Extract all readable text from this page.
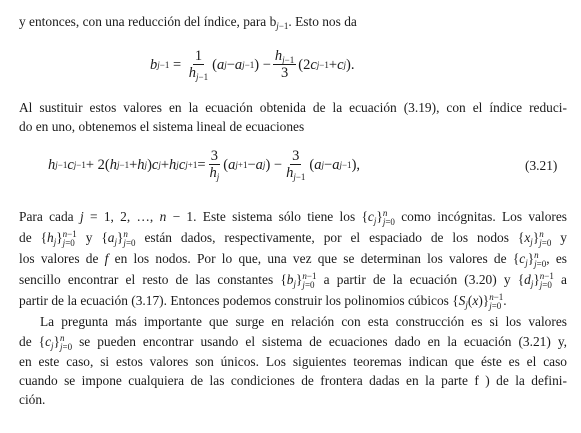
y entonces, con una reducción del índice, para $b_{j-1}$. Esto nos da
b $j-1 = \frac{1}{h_{j-1}}$ ( a j − a j−1 ) − $\frac{h_{j-1}}{3} (2$ c j−1 + c j ).
Al sustituir estos valores en la ecuación obtenida de la ecuación (3.19), con el índice reduci-
do en uno, obtenemos el sistema lineal de ecuaciones
h j−1 c j−1 + 2( h j−1 + h j ) c j + h j c $j+1 = \frac{3}{h_j}$ ( a j+1 − a j ) − $\frac{3}{h_{j-1}}$ ( a j − a j−1 ),	(3.21)
Para cada j = 1, 2, …, n − 1. Este sistema sólo tiene los $\{c_j\}$ n
j=0 como incógnitas. Los valores
de $\{h_j\}$ n−1
j=0 y $\{a_j\}$ n
j=0 están dados, respectivamente, por el espaciado de los nodos $\{x_j\}$ n
j=0 y
los valores de f en los nodos. Por lo que, una vez que se determinan los valores de $\{c_j\}$ n
j=0 , es
sencillo encontrar el resto de las constantes $\{b_j\}$ n−1
j=0 a partir de la ecuación (3.20) y $\{d_j\}$ n−1
j=0 a
partir de la ecuación (3.17). Entonces podemos construir los polinomios cúbicos $\{S_j(x)\}$ n−1
j=0 .
La pregunta más importante que surge en relación con esta construcción es si los valores
de $\{c_j\}$ n
j=0 se pueden encontrar usando el sistema de ecuaciones dado en la ecuación (3.21) y,
en este caso, si estos valores son únicos. Los siguientes teoremas indican que éste es el caso
cuando se impone cualquiera de las condiciones de frontera dadas en la parte f ) de la defini-
ción.
